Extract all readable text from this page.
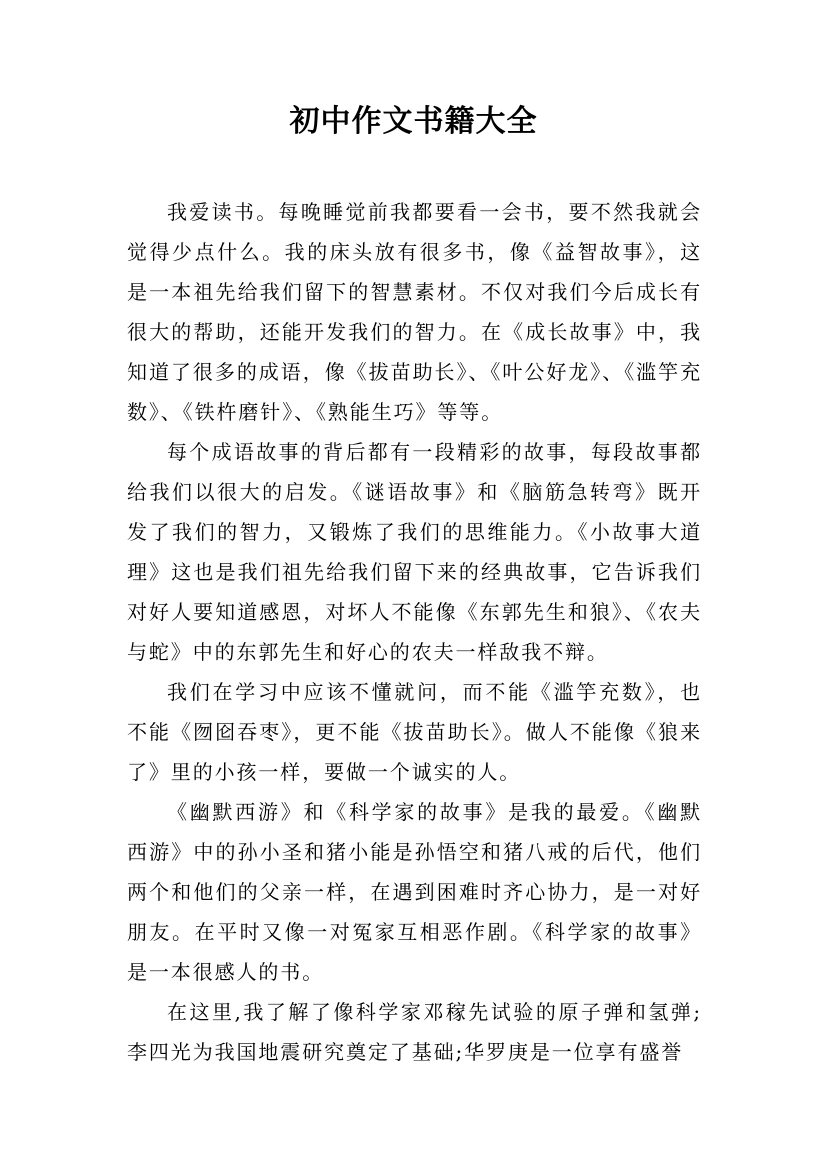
初中作文书籍大全

我爱读书。每晚睡觉前我都要看一会书，要不然我就会觉得少点什么。我的床头放有很多书，像《益智故事》，这是一本祖先给我们留下的智慧素材。不仅对我们今后成长有很大的帮助，还能开发我们的智力。在《成长故事》中，我知道了很多的成语，像《拔苗助长》、《叶公好龙》、《滥竽充数》、《铁杵磨针》、《熟能生巧》等等。

每个成语故事的背后都有一段精彩的故事，每段故事都给我们以很大的启发。《谜语故事》和《脑筋急转弯》既开发了我们的智力，又锻炼了我们的思维能力。《小故事大道理》这也是我们祖先给我们留下来的经典故事，它告诉我们对好人要知道感恩，对坏人不能像《东郭先生和狼》、《农夫与蛇》中的东郭先生和好心的农夫一样敌我不辩。

我们在学习中应该不懂就问，而不能《滥竽充数》，也不能《囫囵吞枣》，更不能《拔苗助长》。做人不能像《狼来了》里的小孩一样，要做一个诚实的人。

《幽默西游》和《科学家的故事》是我的最爱。《幽默西游》中的孙小圣和猪小能是孙悟空和猪八戒的后代，他们两个和他们的父亲一样，在遇到困难时齐心协力，是一对好朋友。在平时又像一对冤家互相恶作剧。《科学家的故事》是一本很感人的书。

在这里,我了解了像科学家邓稼先试验的原子弹和氢弹;李四光为我国地震研究奠定了基础;华罗庚是一位享有盛誉
